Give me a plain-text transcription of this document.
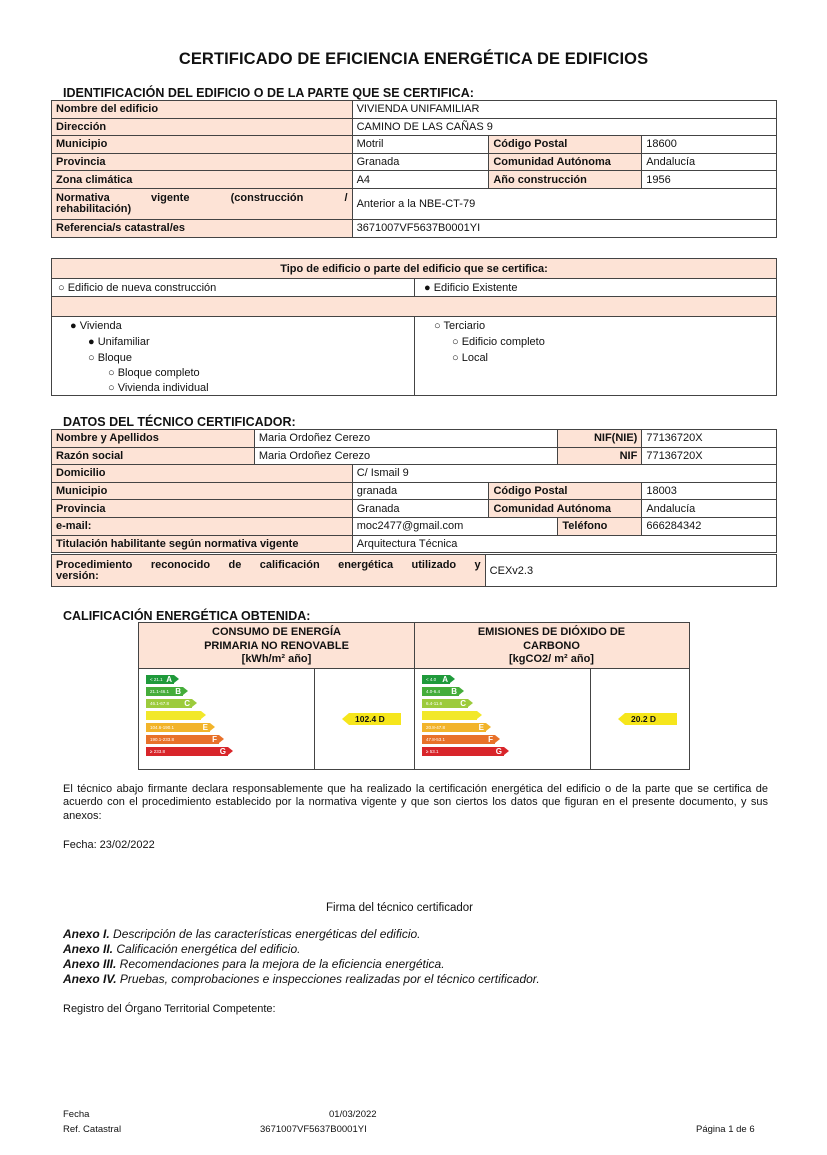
CERTIFICADO DE EFICIENCIA ENERGÉTICA DE EDIFICIOS
IDENTIFICACIÓN DEL EDIFICIO O DE LA PARTE QUE SE CERTIFICA:
Nombre del edificio	VIVIENDA UNIFAMILIAR		
Dirección	CAMINO DE LAS CAÑAS 9		
Municipio	Motril	Código Postal	18600
Provincia	Granada	Comunidad Autónoma	Andalucía
Zona climática	A4	Año construcción	1956

Normativa vigente (construcción /
rehabilitación)	Anterior a la NBE-CT-79		
Referencia/s catastral/es	3671007VF5637B0001YI		
Tipo de edificio o parte del edificio que se certifica:
○ Edificio de nueva construcción	● Edificio Existente
● Vivienda
● Unifamiliar
○ Bloque
○ Bloque completo
○ Vivienda individual
○ Terciario
○ Edificio completo
○ Local
DATOS DEL TÉCNICO CERTIFICADOR:
Nombre y Apellidos	Maria Ordoñez Cerezo			NIF(NIE)	77136720X
Razón social	Maria Ordoñez Cerezo			NIF	77136720X
Domicilio		C/ Ismail 9			
Municipio		granada	Código Postal		18003
Provincia		Granada	Comunidad Autónoma		Andalucía
e-mail:		moc2477@gmail.com		Teléfono	666284342
Titulación habilitante según normativa vigente		Arquitectura Técnica			
Procedimiento reconocido de calificación energética utilizado y
versión:	CEXv2.3
CALIFICACIÓN ENERGÉTICA OBTENIDA:
CONSUMO DE ENERGÍA
PRIMARIA NO RENOVABLE
[kWh/m² año]
EMISIONES DE DIÓXIDO DE
CARBONO
[kgCO2/ m² año]
< 21.1 A
21.1-46.1 B
46.1-67.8 C
67.8-104.6	D
104.6-190.1	E
190.1-233.8	F
≥ 233.8	G
< 4.0 A
4.0-6.4 B
6.4-11.6 C
11.6-20.8	D
20.8-47.8	E
47.8-53.1	F
≥ 53.1	G
102.4 D	20.2 D
El técnico abajo firmante declara responsablemente que ha realizado la certificación energética del edificio o de la parte que se certifica de acuerdo con el procedimiento establecido por la normativa vigente y que son ciertos los datos que figuran en el presente documento, y sus anexos:
Fecha: 23/02/2022
Firma del técnico certificador
Anexo I. Descripción de las características energéticas del edificio.
Anexo II. Calificación energética del edificio.
Anexo III. Recomendaciones para la mejora de la eficiencia energética.
Anexo IV. Pruebas, comprobaciones e inspecciones realizadas por el técnico certificador.
Registro del Órgano Territorial Competente:
Fecha	01/03/2022
Ref. Catastral	3671007VF5637B0001YI	Página 1 de 6
